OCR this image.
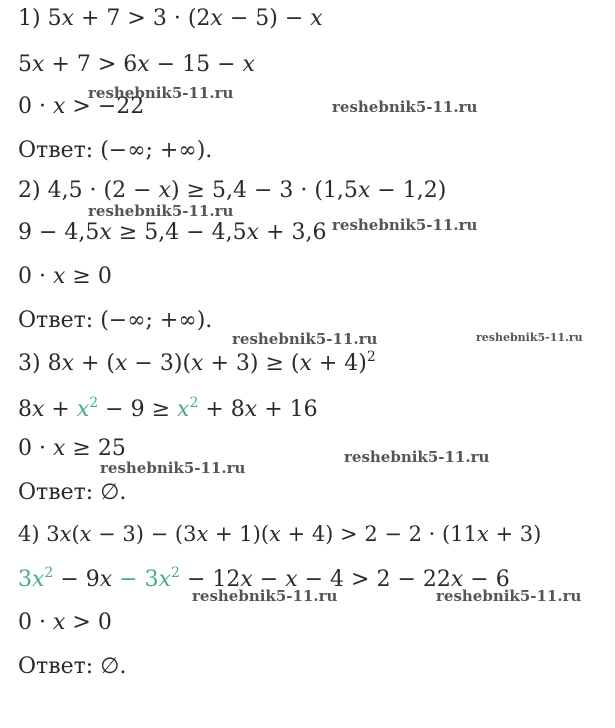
1) 5x + 7 > 3 · (2x − 5) − x
5x + 7 > 6x − 15 − x
0 · x > −22
Ответ: (−∞; +∞).
2) 4,5 · (2 − x) ≥ 5,4 − 3 · (1,5x − 1,2)
9 − 4,5x ≥ 5,4 − 4,5x + 3,6
0 · x ≥ 0
Ответ: (−∞; +∞).
3) $8x + (x - 3)(x + 3) \ge (x + 4)^2$
$8x + x^2 - 9 \ge x^2 + 8x + 16$
0 · x ≥ 25
Ответ: ∅.
4) 3x(x − 3) − (3x + 1)(x + 4) > 2 − 2 · (11x + 3)
$3x^2 - 9x - 3x^2 - 12x - x - 4 > 2 - 22x - 6$
0 · x > 0
Ответ: ∅.
reshebnik5-11.ru
reshebnik5-11.ru
reshebnik5-11.ru
reshebnik5-11.ru
reshebnik5-11.ru	reshebnik5-11.ru
reshebnik5-11.ru
reshebnik5-11.ru
reshebnik5-11.ru	reshebnik5-11.ru
